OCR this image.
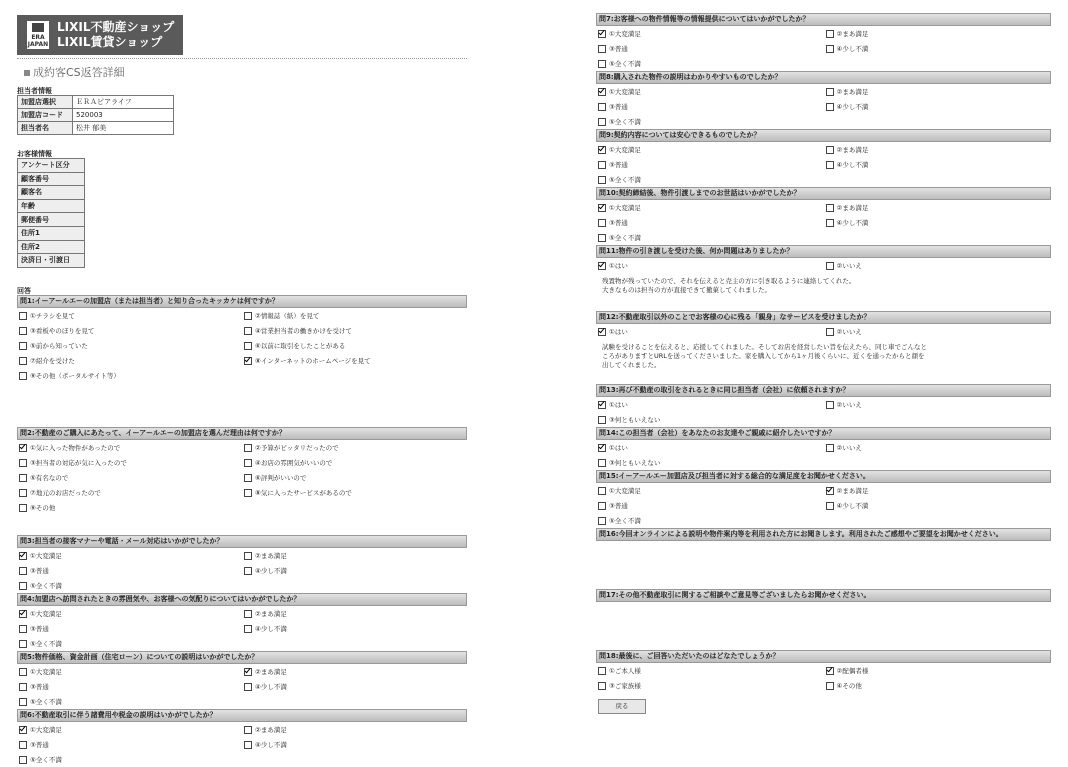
ERA
JAPAN
LIXIL不動産ショップ
LIXIL賃貸ショップ
成約客CS返答詳細
担当者情報
加盟店選択	ＥＲＡピアライフ
加盟店コード	520003
担当者名	松井 郁美
お客様情報
アンケート区分
顧客番号
顧客名
年齢
郵便番号
住所1
住所2
決済日・引渡日
回答
問1:イーアールエーの加盟店（または担当者）と知り合ったキッカケは何ですか？
①チラシを見て	②情報誌（紙）を見て
③看板やのぼりを見て	④営業担当者の働きかけを受けて
⑤前から知っていた	⑥以前に取引をしたことがある
⑦紹介を受けた	⑧インターネットのホームページを見て
⑨その他（ポータルサイト等）
問2:不動産のご購入にあたって、イーアールエーの加盟店を選んだ理由は何ですか？
①気に入った物件があったので	②予算がピッタリだったので
③担当者の対応が気に入ったので	④お店の雰囲気がいいので
⑤有名なので	⑥評判がいいので
⑦地元のお店だったので	⑧気に入ったサービスがあるので
⑨その他
問3:担当者の接客マナーや電話・メール対応はいかがでしたか？
①大変満足	②まあ満足
③普通	④少し不満
⑤全く不満
問4:加盟店へ訪問されたときの雰囲気や、お客様への気配りについてはいかがでしたか？
①大変満足	②まあ満足
③普通	④少し不満
⑤全く不満
問5:物件価格、資金計画（住宅ローン）についての説明はいかがでしたか？
①大変満足	②まあ満足
③普通	④少し不満
⑤全く不満
問6:不動産取引に伴う諸費用や税金の説明はいかがでしたか？
①大変満足	②まあ満足
③普通	④少し不満
⑤全く不満
問7:お客様への物件情報等の情報提供についてはいかがでしたか？
①大変満足	②まあ満足
③普通	④少し不満
⑤全く不満
問8:購入された物件の説明はわかりやすいものでしたか？
①大変満足	②まあ満足
③普通	④少し不満
⑤全く不満
問9:契約内容については安心できるものでしたか？
①大変満足	②まあ満足
③普通	④少し不満
⑤全く不満
問10:契約締結後、物件引渡しまでのお世話はいかがでしたか？
①大変満足	②まあ満足
③普通	④少し不満
⑤全く不満
問11:物件の引き渡しを受けた後、何か問題はありましたか？
①はい	②いいえ
残置物が残っていたので、それを伝えると売主の方に引き取るように連絡してくれた。
大きなものは担当の方が直接できて撤菓してくれました。
問12:不動産取引以外のことでお客様の心に残る「親身」なサービスを受けましたか？
①はい	②いいえ
試験を受けることを伝えると、応援してくれました。そしてお店を経営したい旨を伝えたら、同じ車でごんなと
ころがありますとURLを送ってくださいました。家を購入してから1ヶ月後くらいに、近くを通ったからと顔を
出してくれました。
問13:再び不動産の取引をされるときに同じ担当者（会社）に依頼されますか？
①はい	②いいえ
③何ともいえない
問14:この担当者（会社）をあなたのお友達やご親戚に紹介したいですか？
①はい	②いいえ
③何ともいえない
問15:イーアールエー加盟店及び担当者に対する総合的な満足度をお聞かせください。
①大変満足	②まあ満足
③普通	④少し不満
⑤全く不満
問16:今回オンラインによる説明や物件案内等を利用された方にお聞きします。利用されたご感想やご要望をお聞かせください。
問17:その他不動産取引に関するご相談やご意見等ございましたらお聞かせください。
問18:最後に、ご回答いただいたのはどなたでしょうか？
①ご本人様	②配偶者様
③ご家族様	④その他
戻る
